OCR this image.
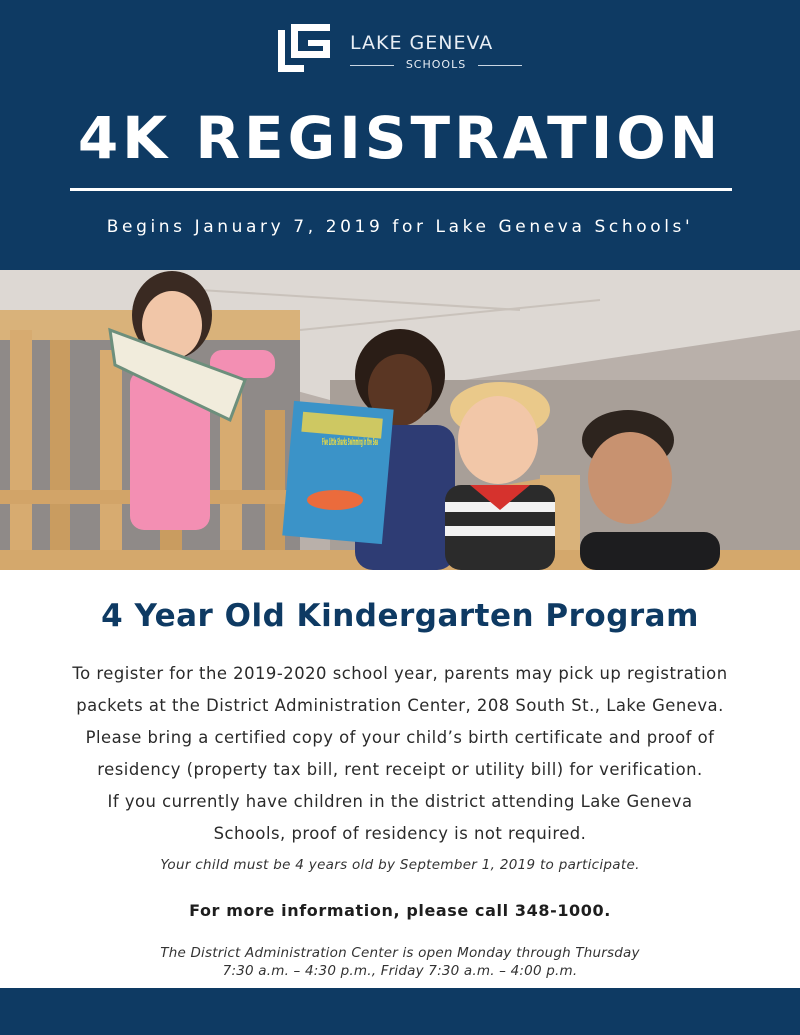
LAKE GENEVA
SCHOOLS
4K REGISTRATION
Begins January 7, 2019 for Lake Geneva Schools'
Five Little Sharks Swimming in the Sea
4 Year Old Kindergarten Program
To register for the 2019-2020 school year, parents may pick up registration
packets at the District Administration Center, 208 South St., Lake Geneva.
Please bring a certified copy of your child’s birth certificate and proof of
residency (property tax bill, rent receipt or utility bill) for verification.
If you currently have children in the district attending Lake Geneva
Schools, proof of residency is not required.
Your child must be 4 years old by September 1, 2019 to participate.
For more information, please call 348-1000.
The District Administration Center is open Monday through Thursday
7:30 a.m. – 4:30 p.m., Friday 7:30 a.m. – 4:00 p.m.
